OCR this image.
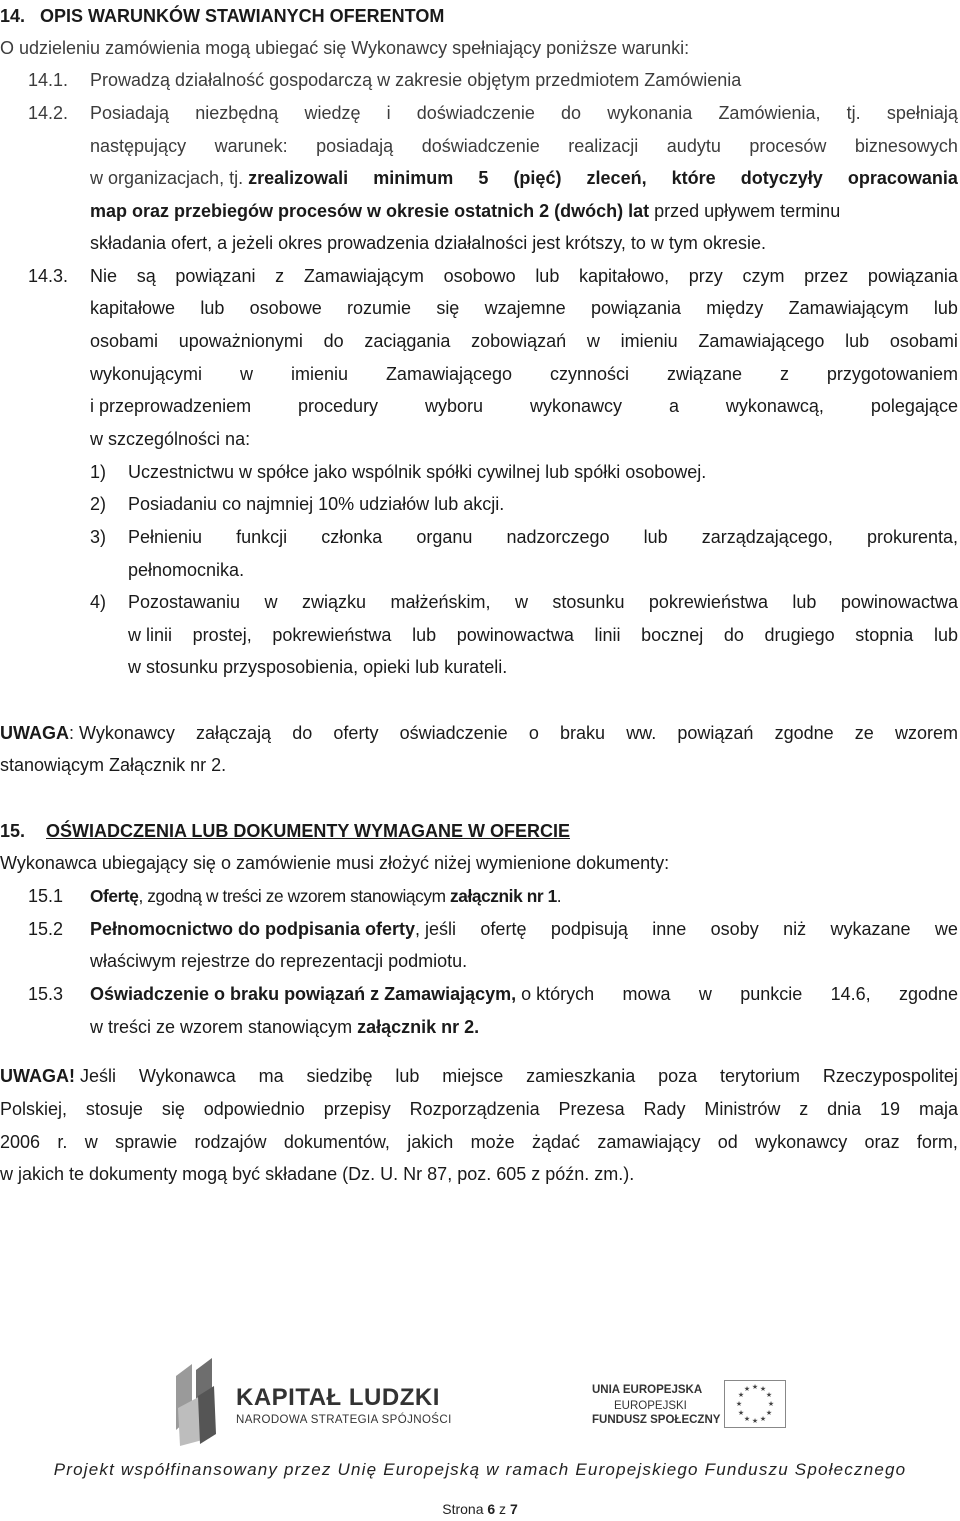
14. OPIS WARUNKÓW STAWIANYCH OFERENTOM
O udzieleniu zamówienia mogą ubiegać się Wykonawcy spełniający poniższe warunki:
14.1. Prowadzą działalność gospodarczą w zakresie objętym przedmiotem Zamówienia
14.2. Posiadają niezbędną wiedzę i doświadczenie do wykonania Zamówienia, tj. spełniają
następujący warunek: posiadają doświadczenie realizacji audytu procesów biznesowych
w organizacjach, tj. zrealizowali minimum 5 (pięć) zleceń, które dotyczyły opracowania
map oraz przebiegów procesów w okresie ostatnich 2 (dwóch) lat przed upływem terminu
składania ofert, a jeżeli okres prowadzenia działalności jest krótszy, to w tym okresie.
14.3. Nie są powiązani z Zamawiającym osobowo lub kapitałowo, przy czym przez powiązania
kapitałowe lub osobowe rozumie się wzajemne powiązania między Zamawiającym lub
osobami upoważnionymi do zaciągania zobowiązań w imieniu Zamawiającego lub osobami
wykonującymi w imieniu Zamawiającego czynności związane z przygotowaniem
i przeprowadzeniem	procedury	wyboru	wykonawcy	a	wykonawcą,	polegające
w szczególności na:
1) Uczestnictwu w spółce jako wspólnik spółki cywilnej lub spółki osobowej.
2) Posiadaniu co najmniej 10% udziałów lub akcji.
3) Pełnieniu funkcji członka organu nadzorczego lub zarządzającego, prokurenta,
pełnomocnika.
4) Pozostawaniu w związku małżeńskim, w stosunku pokrewieństwa lub powinowactwa
w linii prostej, pokrewieństwa lub powinowactwa linii bocznej do drugiego stopnia lub
w stosunku przysposobienia, opieki lub kurateli.
UWAGA : Wykonawcy załączają do oferty oświadczenie o braku ww. powiązań zgodne ze wzorem
stanowiącym Załącznik nr 2.
15. OŚWIADCZENIA LUB DOKUMENTY WYMAGANE W OFERCIE
Wykonawca ubiegający się o zamówienie musi złożyć niżej wymienione dokumenty:
15.1 Ofertę, zgodną w treści ze wzorem stanowiącym załącznik nr 1.
15.2 Pełnomocnictwo do podpisania oferty , jeśli ofertę podpisują inne osoby niż wykazane we
właściwym rejestrze do reprezentacji podmiotu.
15.3 Oświadczenie o braku powiązań z Zamawiającym, o których mowa w punkcie 14.6, zgodne
w treści ze wzorem stanowiącym załącznik nr 2.
UWAGA! Jeśli Wykonawca ma siedzibę lub miejsce zamieszkania poza terytorium Rzeczypospolitej
Polskiej, stosuje się odpowiednio przepisy Rozporządzenia Prezesa Rady Ministrów z dnia 19 maja
2006 r. w sprawie rodzajów dokumentów, jakich może żądać zamawiający od wykonawcy oraz form,
w jakich te dokumenty mogą być składane (Dz. U. Nr 87, poz. 605 z późn. zm.).
KAPITAŁ LUDZKI
NARODOWA STRATEGIA SPÓJNOŚCI
UNIA EUROPEJSKA
EUROPEJSKI
FUNDUSZ SPOŁECZNY
★ ★
★
★
★
★
★
★
★
★
★
★
Projekt współfinansowany przez Unię Europejską w ramach Europejskiego Funduszu Społecznego
Strona 6 z 7
